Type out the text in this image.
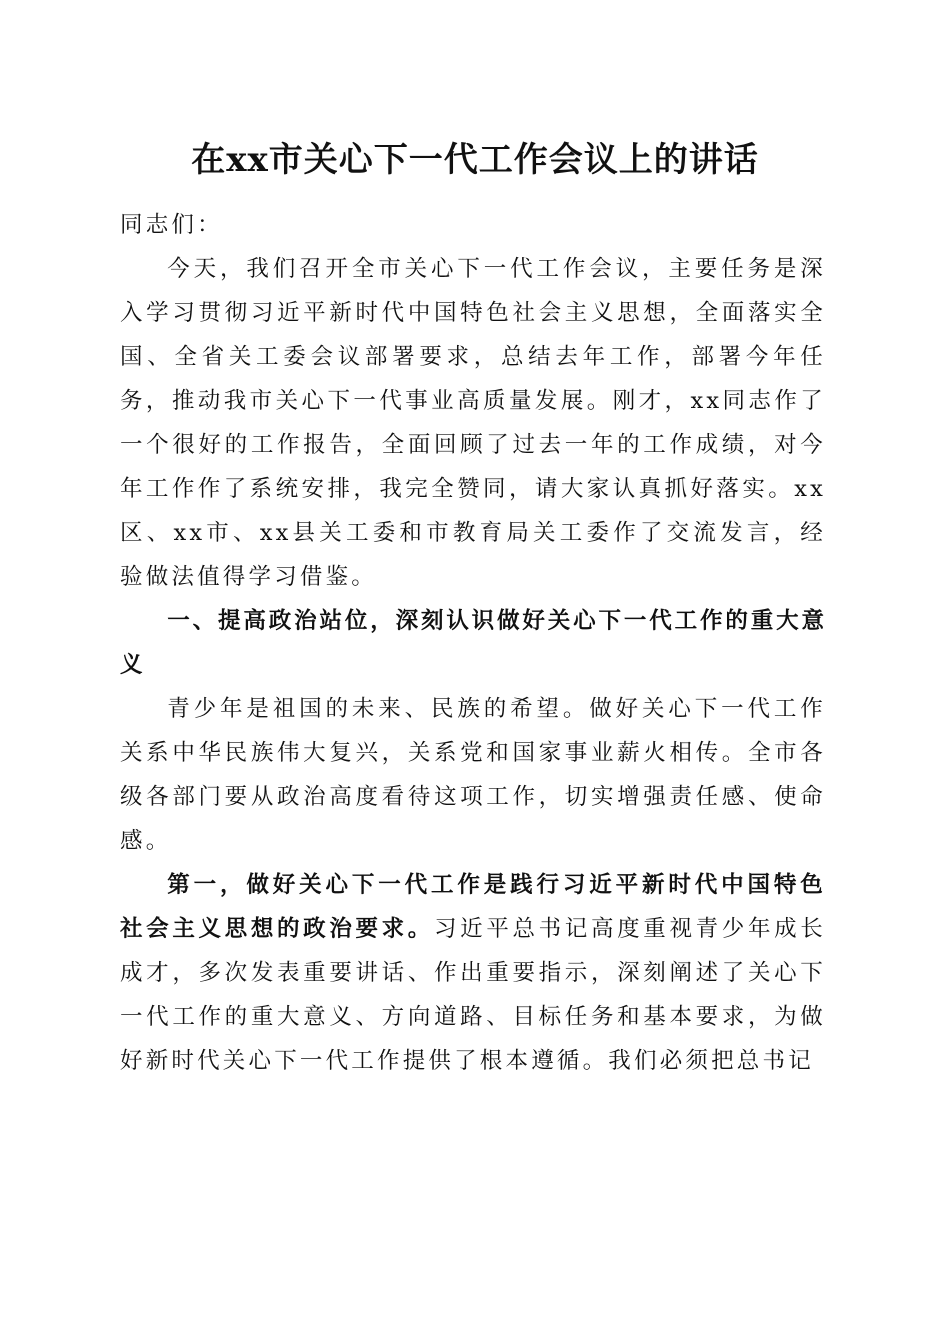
在xx市关心下一代工作会议上的讲话

同志们：

今天，我们召开全市关心下一代工作会议，主要任务是深入学习贯彻习近平新时代中国特色社会主义思想，全面落实全国、全省关工委会议部署要求，总结去年工作，部署今年任务，推动我市关心下一代事业高质量发展。刚才，xx同志作了一个很好的工作报告，全面回顾了过去一年的工作成绩，对今年工作作了系统安排，我完全赞同，请大家认真抓好落实。xx区、xx市、xx县关工委和市教育局关工委作了交流发言，经验做法值得学习借鉴。

一、提高政治站位，深刻认识做好关心下一代工作的重大意义

青少年是祖国的未来、民族的希望。做好关心下一代工作关系中华民族伟大复兴，关系党和国家事业薪火相传。全市各级各部门要从政治高度看待这项工作，切实增强责任感、使命感。

第一，做好关心下一代工作是践行习近平新时代中国特色社会主义思想的政治要求。习近平总书记高度重视青少年成长成才，多次发表重要讲话、作出重要指示，深刻阐述了关心下一代工作的重大意义、方向道路、目标任务和基本要求，为做好新时代关心下一代工作提供了根本遵循。我们必须把总书记
